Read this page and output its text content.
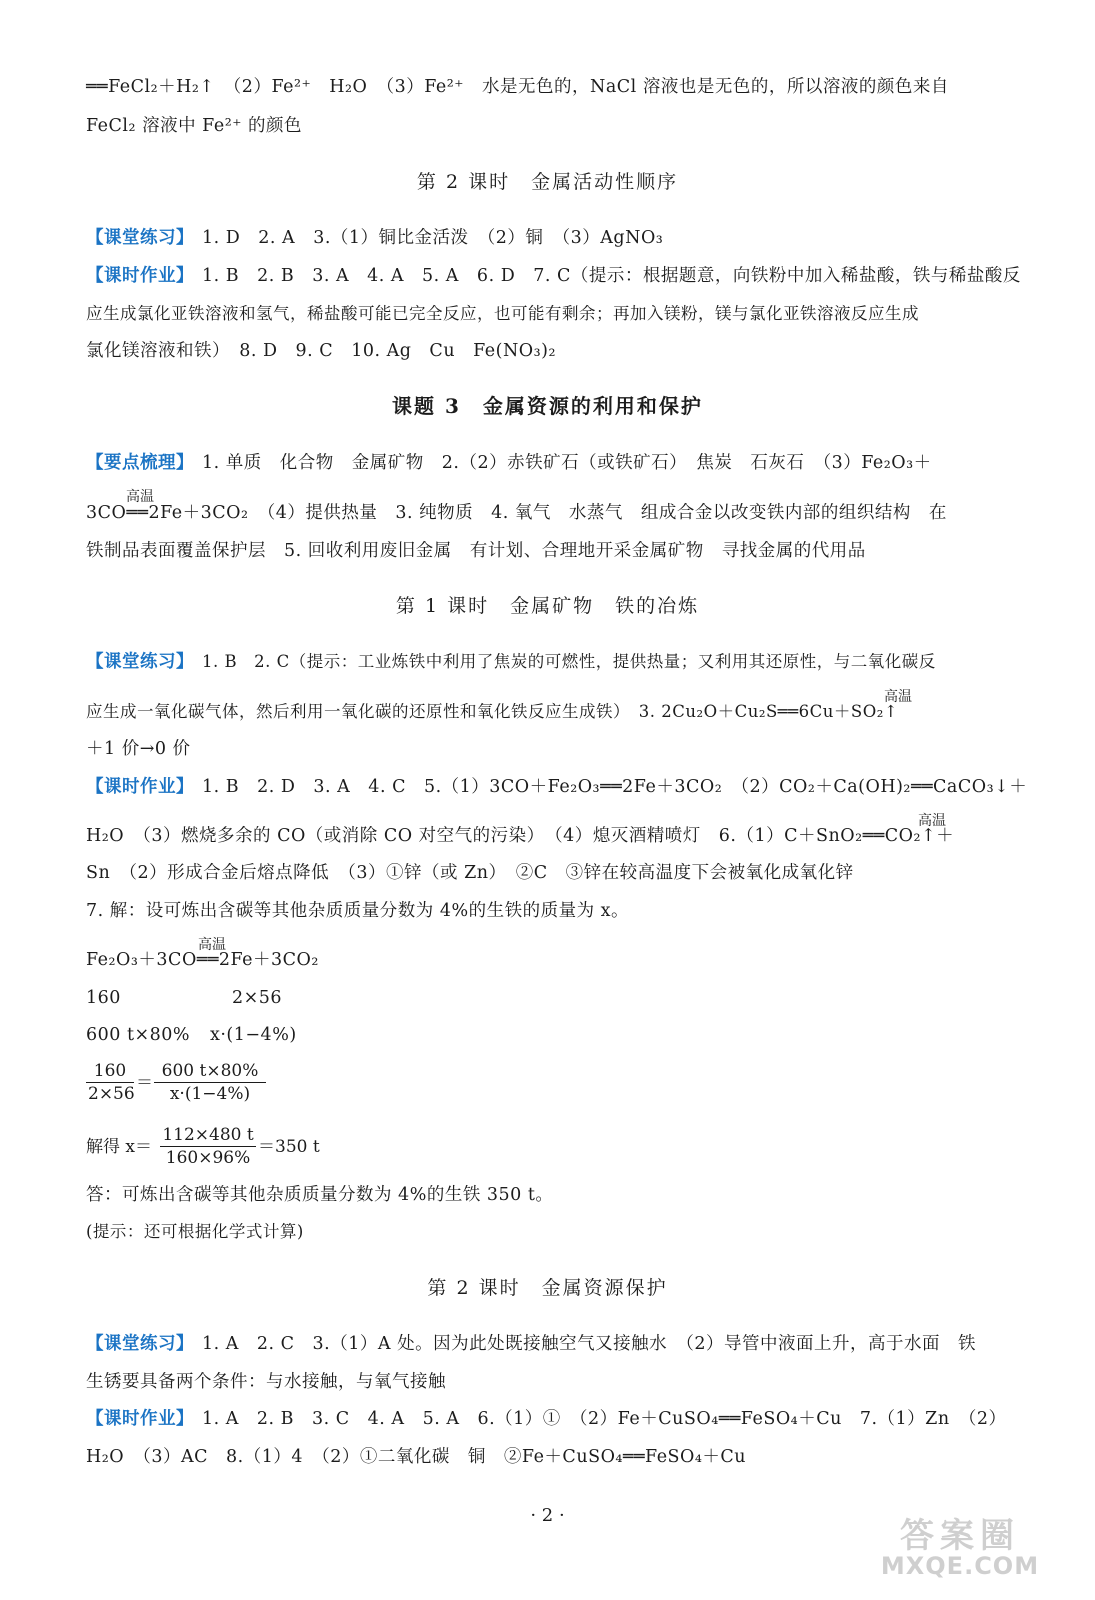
══FeCl₂＋H₂↑　（2）Fe²⁺　H₂O　（3）Fe²⁺　水是无色的，NaCl 溶液也是无色的，所以溶液的颜色来自
FeCl₂ 溶液中 Fe²⁺ 的颜色
第 2 课时　金属活动性顺序
【课堂练习】 1. D　2. A　3.（1）铜比金活泼　（2）铜　（3）AgNO₃
【课时作业】 1. B　2. B　3. A　4. A　5. A　6. D　7. C（提示：根据题意，向铁粉中加入稀盐酸，铁与稀盐酸反
应生成氯化亚铁溶液和氢气，稀盐酸可能已完全反应，也可能有剩余；再加入镁粉，镁与氯化亚铁溶液反应生成
氯化镁溶液和铁）　8. D　9. C　10. Ag　Cu　Fe(NO₃)₂
课题 3　金属资源的利用和保护
【要点梳理】 1. 单质　化合物　金属矿物　2.（2）赤铁矿石（或铁矿石）　焦炭　石灰石　（3）Fe₂O₃＋
高温
3CO══2Fe＋3CO₂　（4）提供热量　3. 纯物质　4. 氧气　水蒸气　组成合金以改变铁内部的组织结构　在
铁制品表面覆盖保护层　5. 回收利用废旧金属　有计划、合理地开采金属矿物　寻找金属的代用品
第 1 课时　金属矿物　铁的冶炼
【课堂练习】 1. B　2. C（提示：工业炼铁中利用了焦炭的可燃性，提供热量；又利用其还原性，与二氧化碳反
高温
应生成一氧化碳气体，然后利用一氧化碳的还原性和氧化铁反应生成铁）　3. 2Cu₂O＋Cu₂S══6Cu＋SO₂↑
＋1 价→0 价
【课时作业】 1. B　2. D　3. A　4. C　5.（1）3CO＋Fe₂O₃══2Fe＋3CO₂　（2）CO₂＋Ca(OH)₂══CaCO₃↓＋
高温
H₂O　（3）燃烧多余的 CO（或消除 CO 对空气的污染）　（4）熄灭酒精喷灯　6.（1）C＋SnO₂══CO₂↑＋
Sn　（2）形成合金后熔点降低　（3）①锌（或 Zn）　②C　③锌在较高温度下会被氧化成氧化锌
7. 解：设可炼出含碳等其他杂质质量分数为 4%的生铁的质量为 x。
高温
Fe₂O₃＋3CO══2Fe＋3CO₂
160	2×56
600 t×80%	x·(1−4%)
$\frac{160}{2\times 56} = \frac{600 t\times 80\%}{x\cdot(1-4\%)}$
解得 $x= \frac{112\times 480 t}{160\times 96\%} =350$ t
答：可炼出含碳等其他杂质质量分数为 4%的生铁 350 t。
(提示：还可根据化学式计算)
第 2 课时　金属资源保护
【课堂练习】 1. A　2. C　3.（1）A 处。因为此处既接触空气又接触水　（2）导管中液面上升，高于水面　铁
生锈要具备两个条件：与水接触，与氧气接触
【课时作业】 1. A　2. B　3. C　4. A　5. A　6.（1）①　（2）Fe＋CuSO₄══FeSO₄＋Cu　7.（1）Zn　（2）
H₂O　（3）AC　8.（1）4　（2）①二氧化碳　铜　②Fe＋CuSO₄══FeSO₄＋Cu
· 2 ·
答案圈
MXQE.COM
